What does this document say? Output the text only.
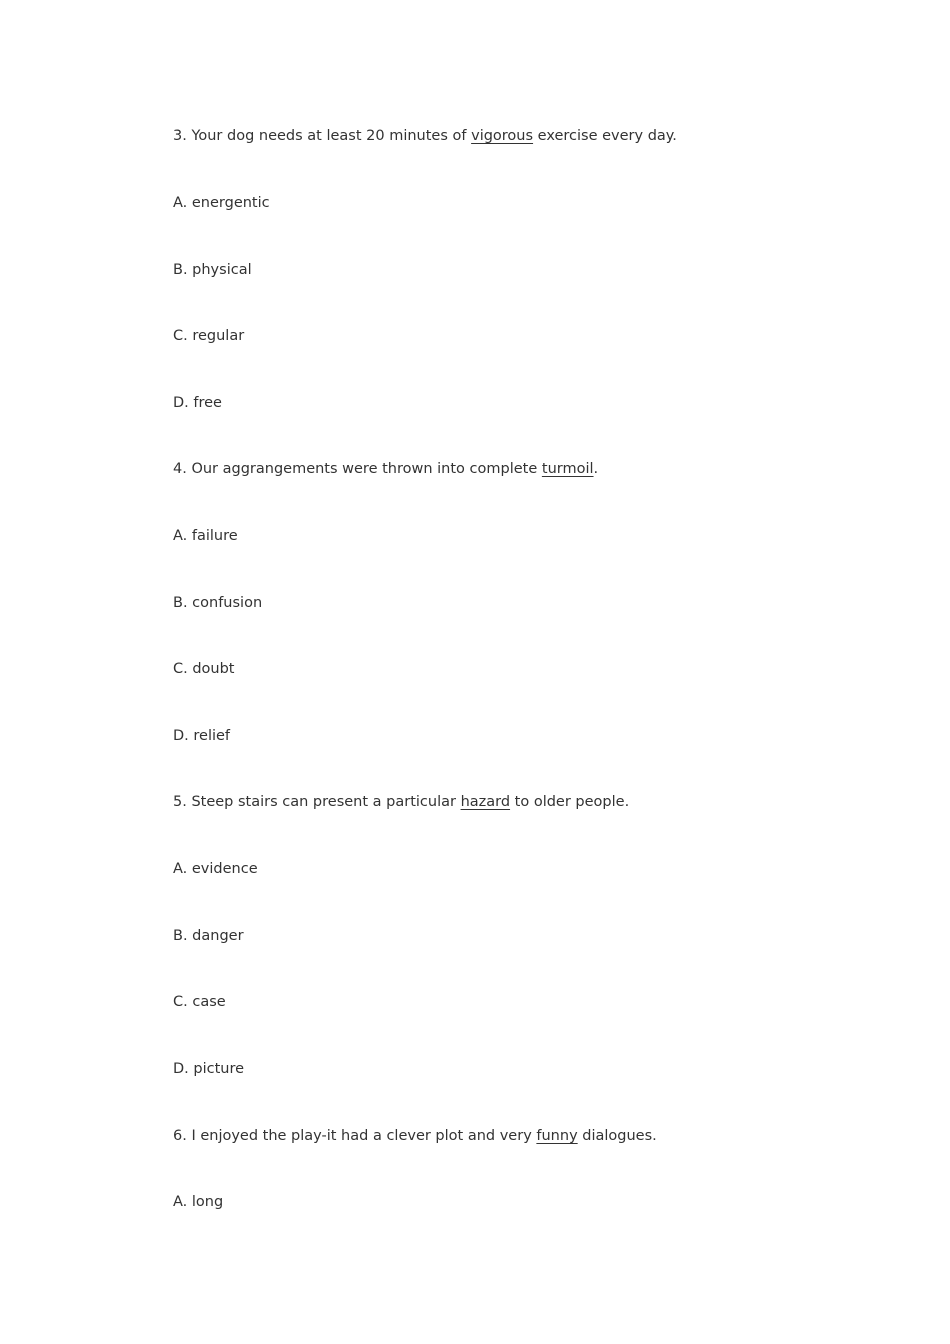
3. Your dog needs at least 20 minutes of vigorous exercise every day.
A. energentic
B. physical
C. regular
D. free
4. Our aggrangements were thrown into complete turmoil.
A. failure
B. confusion
C. doubt
D. relief
5. Steep stairs can present a particular hazard to older people.
A. evidence
B. danger
C. case
D. picture
6. I enjoyed the play-it had a clever plot and very funny dialogues.
A. long
